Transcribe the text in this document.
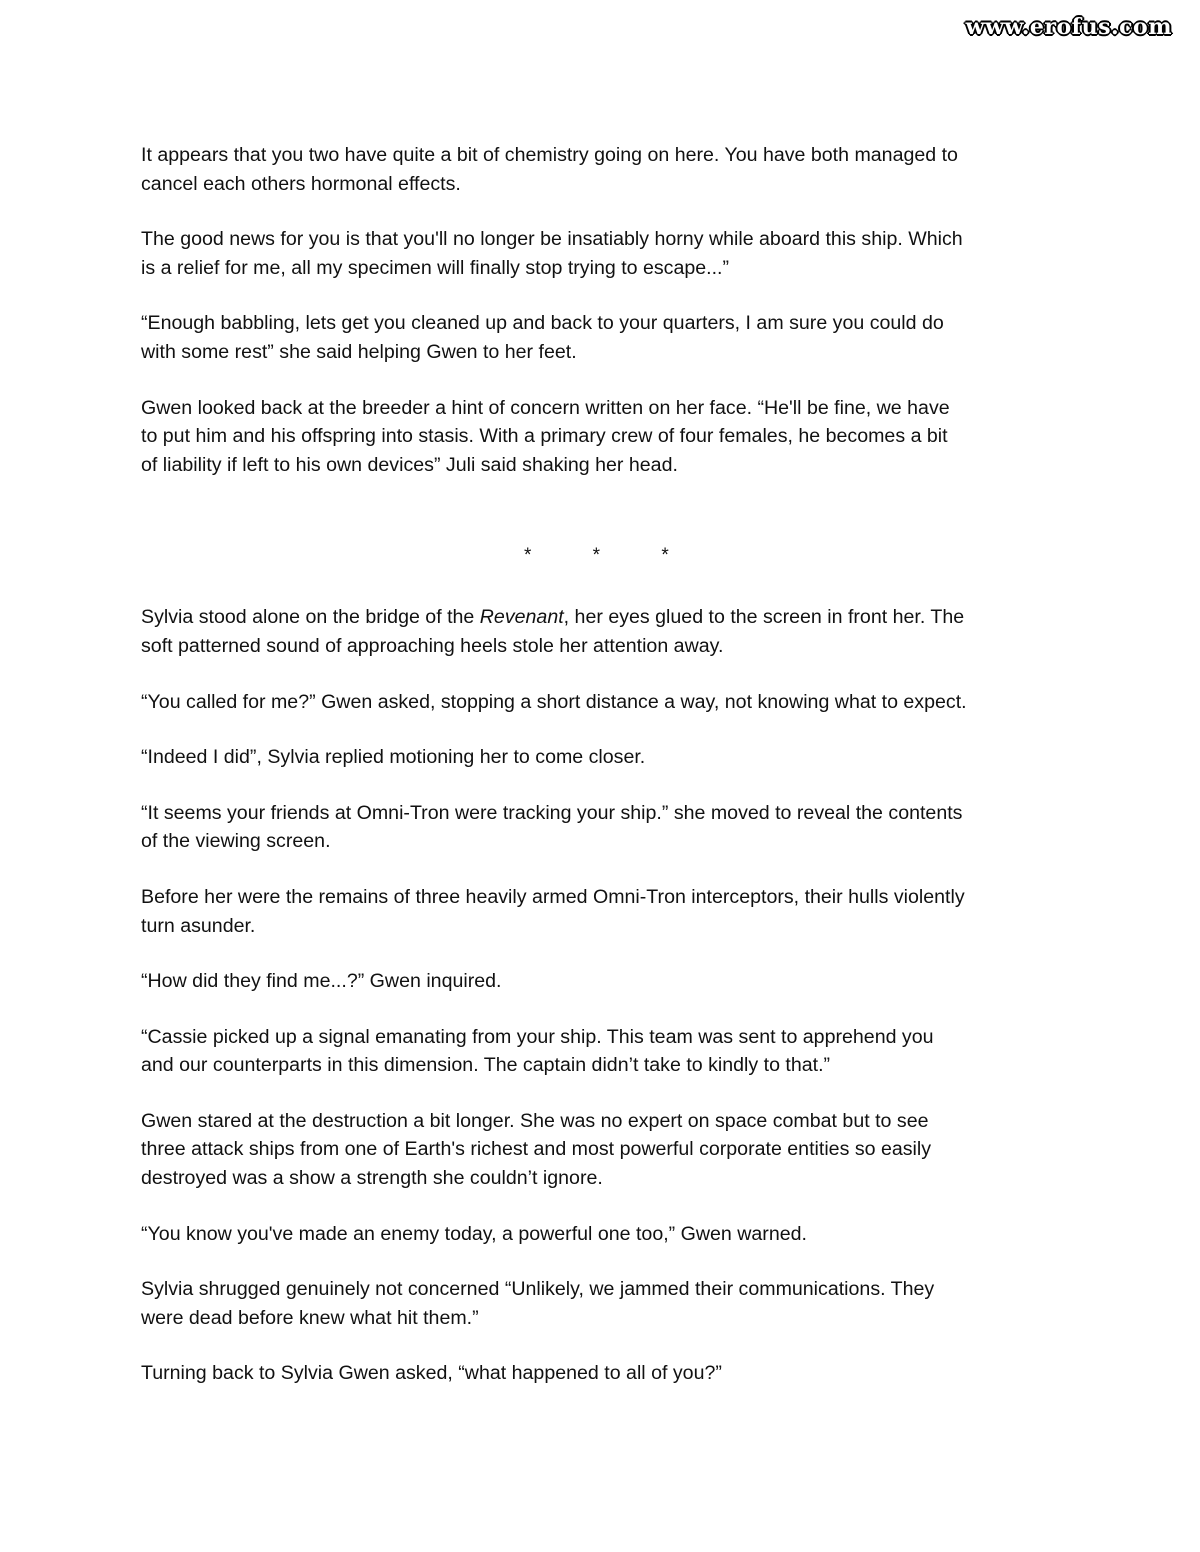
www.erofus.com

It appears that you two have quite a bit of chemistry going on here. You have both managed to
cancel each others hormonal effects.

The good news for you is that you'll no longer be insatiably horny while aboard this ship. Which
is a relief for me, all my specimen will finally stop trying to escape...”

“Enough babbling, lets get you cleaned up and back to your quarters, I am sure you could do
with some rest” she said helping Gwen to her feet.

Gwen looked back at the breeder a hint of concern written on her face. “He'll be fine, we have
to put him and his offspring into stasis. With a primary crew of four females, he becomes a bit
of liability if left to his own devices” Juli said shaking her head.

* * *

Sylvia stood alone on the bridge of the Revenant, her eyes glued to the screen in front her. The
soft patterned sound of approaching heels stole her attention away.

“You called for me?” Gwen asked, stopping a short distance a way, not knowing what to expect.

“Indeed I did”, Sylvia replied motioning her to come closer.

“It seems your friends at Omni-Tron were tracking your ship.” she moved to reveal the contents
of the viewing screen.

Before her were the remains of three heavily armed Omni-Tron interceptors, their hulls violently
turn asunder.

“How did they find me...?” Gwen inquired.

“Cassie picked up a signal emanating from your ship. This team was sent to apprehend you
and our counterparts in this dimension. The captain didn’t take to kindly to that.”

Gwen stared at the destruction a bit longer. She was no expert on space combat but to see
three attack ships from one of Earth's richest and most powerful corporate entities so easily
destroyed was a show a strength she couldn’t ignore.

“You know you've made an enemy today, a powerful one too,” Gwen warned.

Sylvia shrugged genuinely not concerned “Unlikely, we jammed their communications. They
were dead before knew what hit them.”

Turning back to Sylvia Gwen asked, “what happened to all of you?”
